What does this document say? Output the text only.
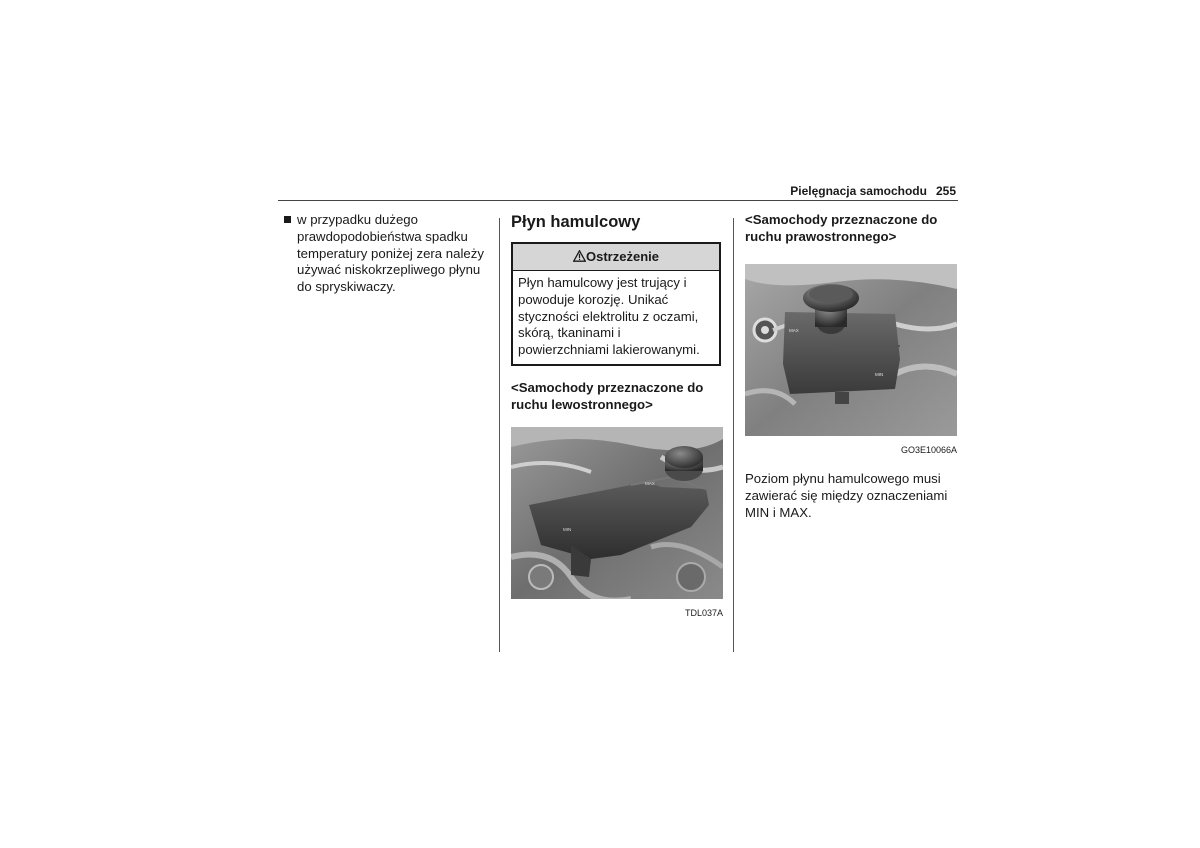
Pielęgnacja samochodu 255
w przypadku dużego prawdopodobieństwa spadku temperatury poniżej zera należy używać niskokrzepliwego płynu do spryskiwaczy.
Płyn hamulcowy
Ostrzeżenie
Płyn hamulcowy jest trujący i powoduje korozję. Unikać styczności elektrolitu z oczami, skórą, tkaninami i powierzchniami lakierowanymi.
<Samochody przeznaczone do ruchu lewostronnego>
MAX
MIN
TDL037A
<Samochody przeznaczone do ruchu prawostronnego>
MAX
MIN
GO3E10066A
Poziom płynu hamulcowego musi zawierać się między oznaczeniami MIN i MAX.
